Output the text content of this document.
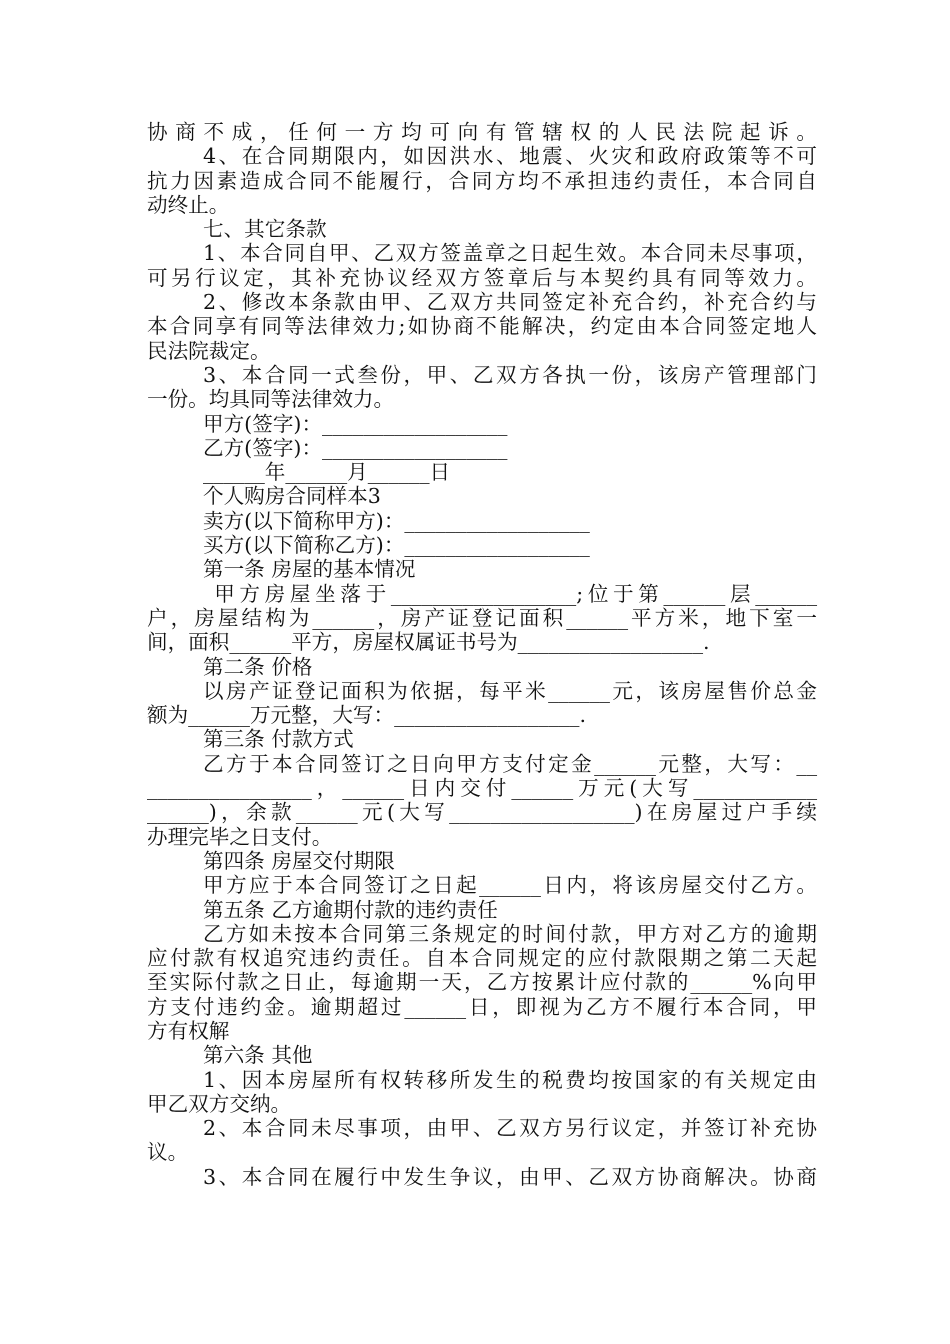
协商不成，任何一方均可向有管辖权的人民法院起诉。
4、在合同期限内，如因洪水、地震、火灾和政府政策等不可
抗力因素造成合同不能履行，合同方均不承担违约责任，本合同自
动终止。
七、其它条款
1、本合同自甲、乙双方签盖章之日起生效。本合同未尽事项，
可另行议定，其补充协议经双方签章后与本契约具有同等效力。
2、修改本条款由甲、乙双方共同签定补充合约，补充合约与
本合同享有同等法律效力;如协商不能解决，约定由本合同签定地人
民法院裁定。
3、本合同一式叁份，甲、乙双方各执一份，该房产管理部门
一份。均具同等法律效力。
甲方(签字)：__________________
乙方(签字)：__________________
______年______月______日
个人购房合同样本3
卖方(以下简称甲方)：__________________
买方(以下简称乙方)：__________________
第一条 房屋的基本情况
甲方房屋坐落于__________________;位于第______层______
户，房屋结构为______，房产证登记面积______平方米，地下室一
间，面积______平方，房屋权属证书号为__________________.
第二条 价格
以房产证登记面积为依据，每平米______元，该房屋售价总金
额为______万元整，大写：__________________.
第三条 付款方式
乙方于本合同签订之日向甲方支付定金______元整，大写：__
________________，______日内交付______万元(大写____________
______)，余款______元(大写__________________)在房屋过户手续
办理完毕之日支付。
第四条 房屋交付期限
甲方应于本合同签订之日起______日内，将该房屋交付乙方。
第五条 乙方逾期付款的违约责任
乙方如未按本合同第三条规定的时间付款，甲方对乙方的逾期
应付款有权追究违约责任。自本合同规定的应付款限期之第二天起
至实际付款之日止，每逾期一天，乙方按累计应付款的______%向甲
方支付违约金。逾期超过______日，即视为乙方不履行本合同，甲
方有权解
第六条 其他
1、因本房屋所有权转移所发生的税费均按国家的有关规定由
甲乙双方交纳。
2、本合同未尽事项，由甲、乙双方另行议定，并签订补充协
议。
3、本合同在履行中发生争议，由甲、乙双方协商解决。协商
